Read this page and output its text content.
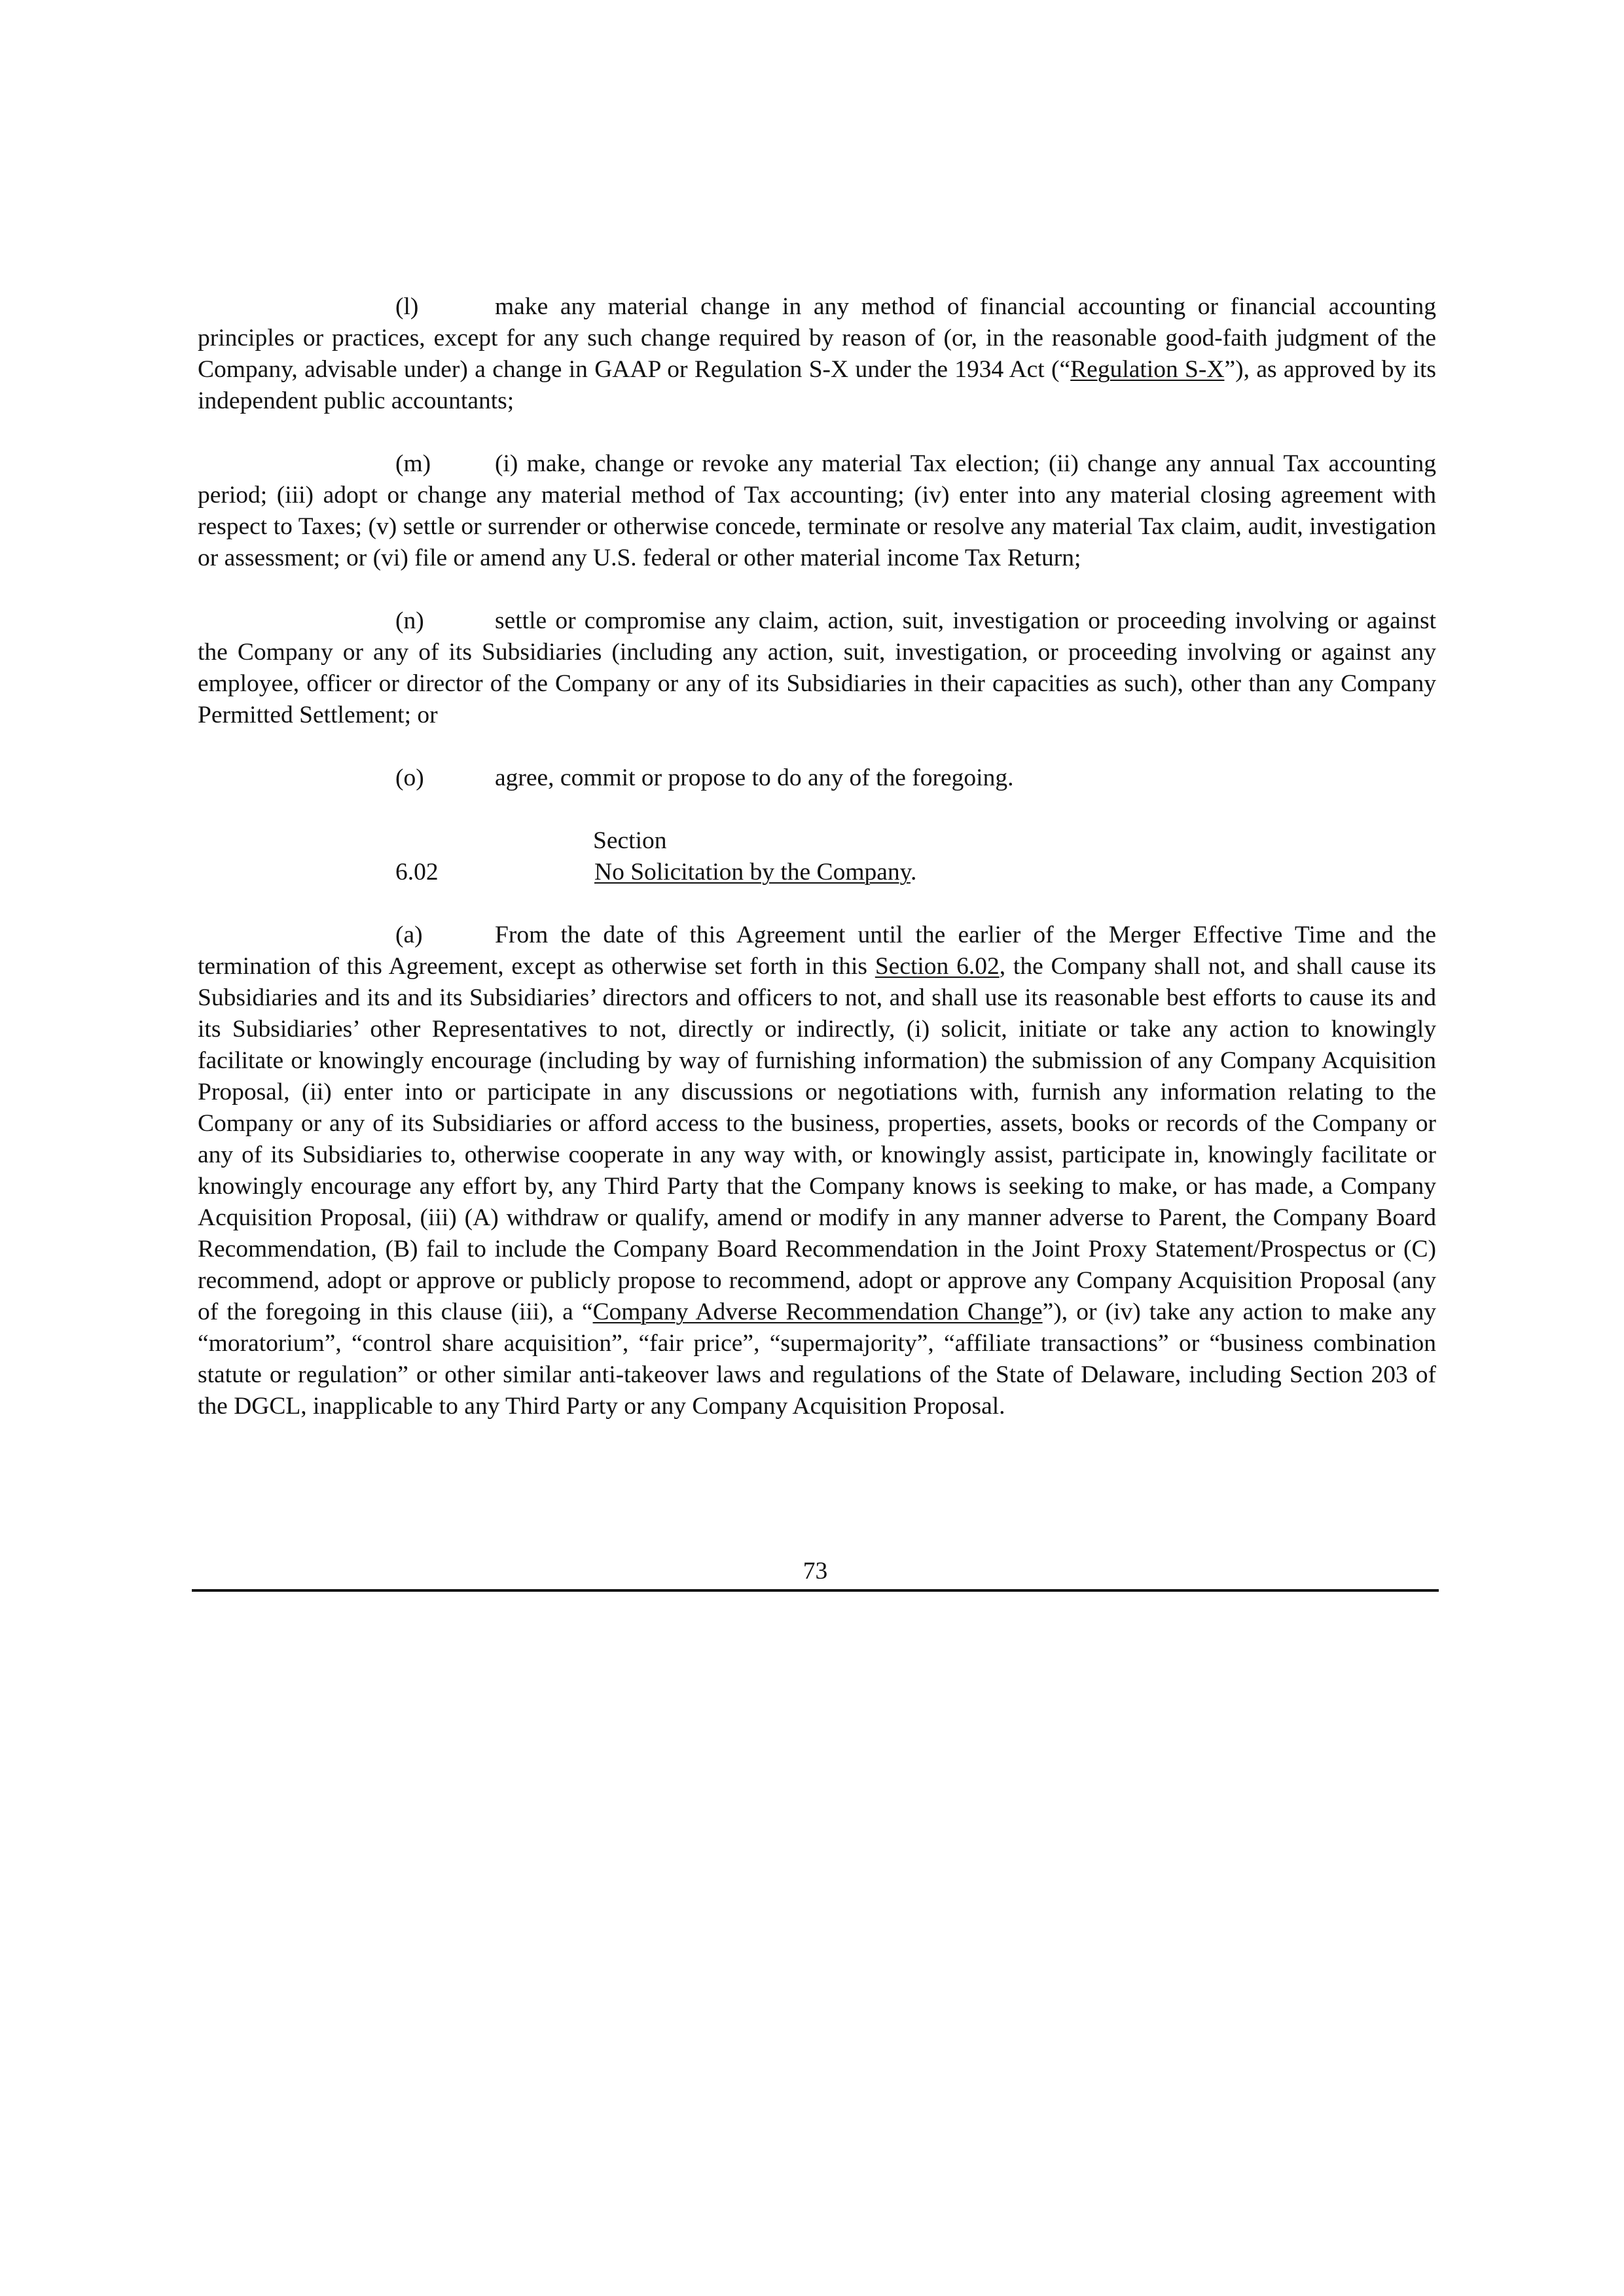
(l)	make any material change in any method of financial accounting or financial accounting principles or practices, except for any such change required by reason of (or, in the reasonable good-faith judgment of the Company, advisable under) a change in GAAP or Regulation S-X under the 1934 Act (“Regulation S-X”), as approved by its independent public accountants;

(m)	(i) make, change or revoke any material Tax election; (ii) change any annual Tax accounting period; (iii) adopt or change any material method of Tax accounting; (iv) enter into any material closing agreement with respect to Taxes; (v) settle or surrender or otherwise concede, terminate or resolve any material Tax claim, audit, investigation or assessment; or (vi) file or amend any U.S. federal or other material income Tax Return;

(n)	settle or compromise any claim, action, suit, investigation or proceeding involving or against the Company or any of its Subsidiaries (including any action, suit, investigation, or proceeding involving or against any employee, officer or director of the Company or any of its Subsidiaries in their capacities as such), other than any Company Permitted Settlement; or

(o)	agree, commit or propose to do any of the foregoing.

Section 6.02	No Solicitation by the Company.

(a)	From the date of this Agreement until the earlier of the Merger Effective Time and the termination of this Agreement, except as otherwise set forth in this Section 6.02, the Company shall not, and shall cause its Subsidiaries and its and its Subsidiaries’ directors and officers to not, and shall use its reasonable best efforts to cause its and its Subsidiaries’ other Representatives to not, directly or indirectly, (i) solicit, initiate or take any action to knowingly facilitate or knowingly encourage (including by way of furnishing information) the submission of any Company Acquisition Proposal, (ii) enter into or participate in any discussions or negotiations with, furnish any information relating to the Company or any of its Subsidiaries or afford access to the business, properties, assets, books or records of the Company or any of its Subsidiaries to, otherwise cooperate in any way with, or knowingly assist, participate in, knowingly facilitate or knowingly encourage any effort by, any Third Party that the Company knows is seeking to make, or has made, a Company Acquisition Proposal, (iii) (A) withdraw or qualify, amend or modify in any manner adverse to Parent, the Company Board Recommendation, (B) fail to include the Company Board Recommendation in the Joint Proxy Statement/Prospectus or (C) recommend, adopt or approve or publicly propose to recommend, adopt or approve any Company Acquisition Proposal (any of the foregoing in this clause (iii), a “Company Adverse Recommendation Change”), or (iv) take any action to make any “moratorium”, “control share acquisition”, “fair price”, “supermajority”, “affiliate transactions” or “business combination statute or regulation” or other similar anti-takeover laws and regulations of the State of Delaware, including Section 203 of the DGCL, inapplicable to any Third Party or any Company Acquisition Proposal.

73
